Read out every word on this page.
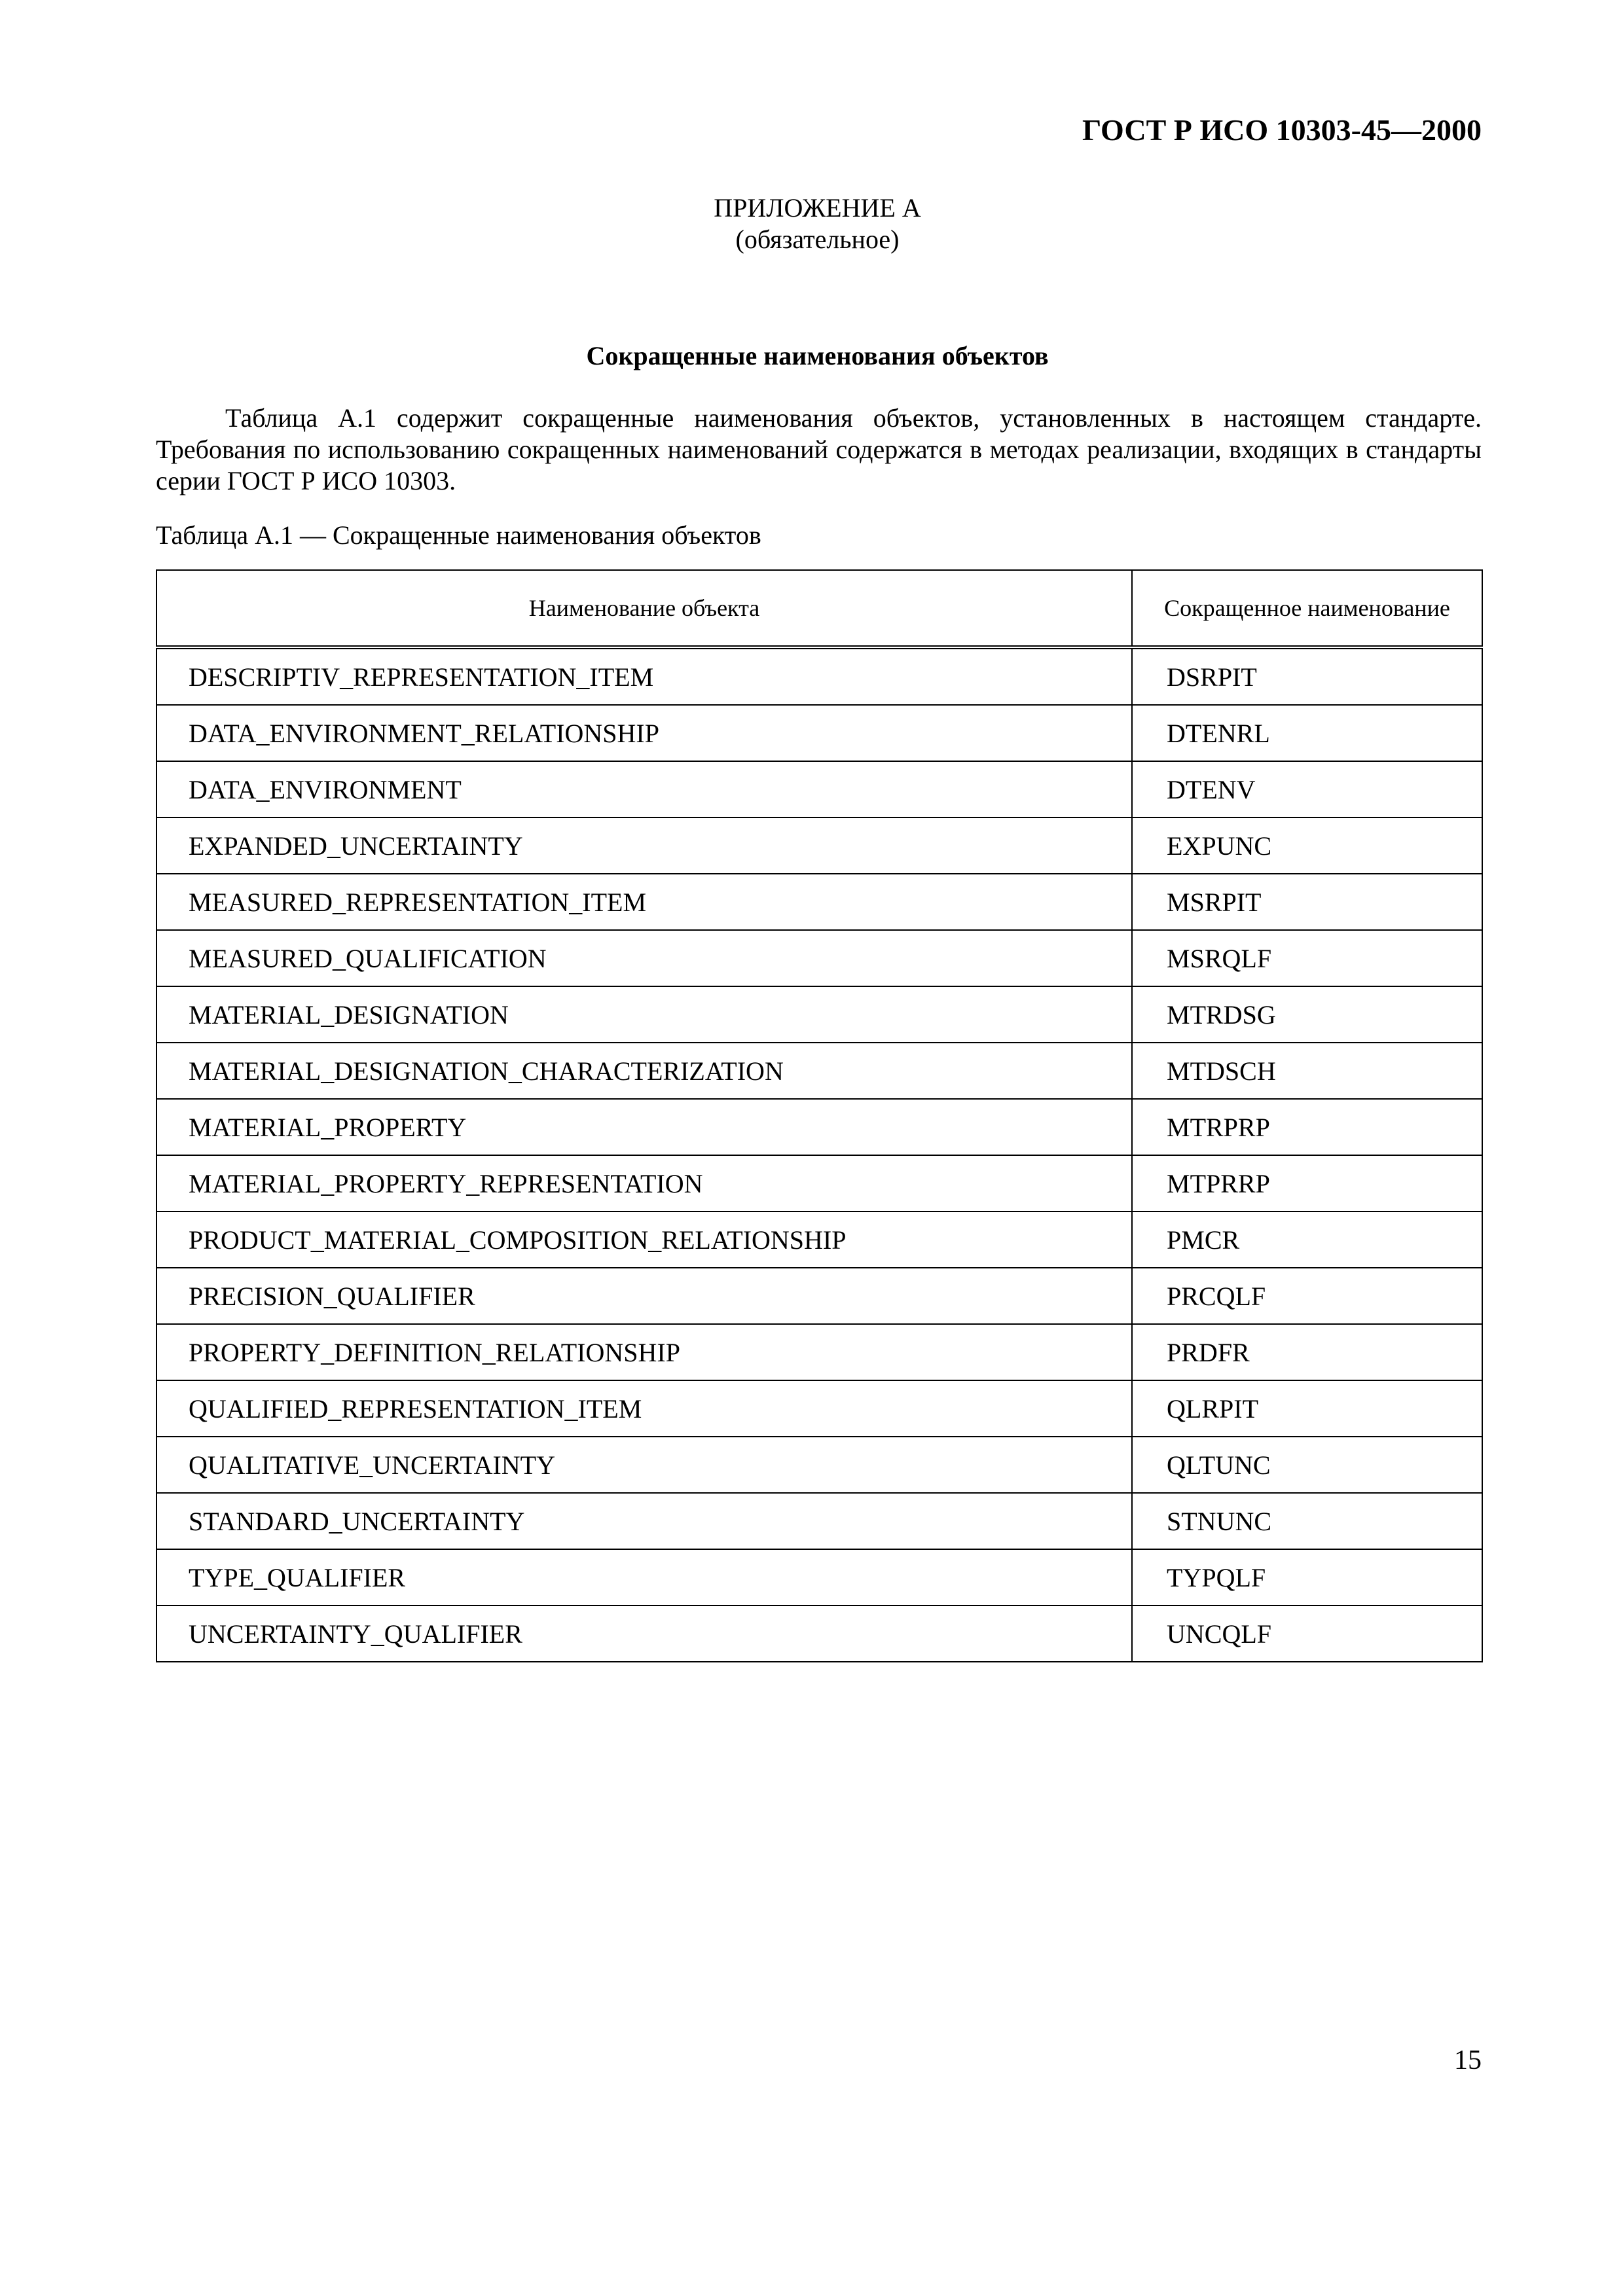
ГОСТ Р ИСО 10303-45—2000
ПРИЛОЖЕНИЕ А
(обязательное)
Сокращенные наименования объектов

Таблица А.1 содержит сокращенные наименования объектов, установленных в настоящем стандарте. Требования по использованию сокращенных наименований содержатся в методах реализации, входящих в стандарты серии ГОСТ Р ИСО 10303.

Таблица А.1 — Сокращенные наименования объектов
Наименование объекта	Сокращенное наименование
DESCRIPTIV_REPRESENTATION_ITEM	DSRPIT
DATA_ENVIRONMENT_RELATIONSHIP	DTENRL
DATA_ENVIRONMENT	DTENV
EXPANDED_UNCERTAINTY	EXPUNC
MEASURED_REPRESENTATION_ITEM	MSRPIT
MEASURED_QUALIFICATION	MSRQLF
MATERIAL_DESIGNATION	MTRDSG
MATERIAL_DESIGNATION_CHARACTERIZATION	MTDSCH
MATERIAL_PROPERTY	MTRPRP
MATERIAL_PROPERTY_REPRESENTATION	MTPRRP
PRODUCT_MATERIAL_COMPOSITION_RELATIONSHIP	PMCR
PRECISION_QUALIFIER	PRCQLF
PROPERTY_DEFINITION_RELATIONSHIP	PRDFR
QUALIFIED_REPRESENTATION_ITEM	QLRPIT
QUALITATIVE_UNCERTAINTY	QLTUNC
STANDARD_UNCERTAINTY	STNUNC
TYPE_QUALIFIER	TYPQLF
UNCERTAINTY_QUALIFIER	UNCQLF
15
